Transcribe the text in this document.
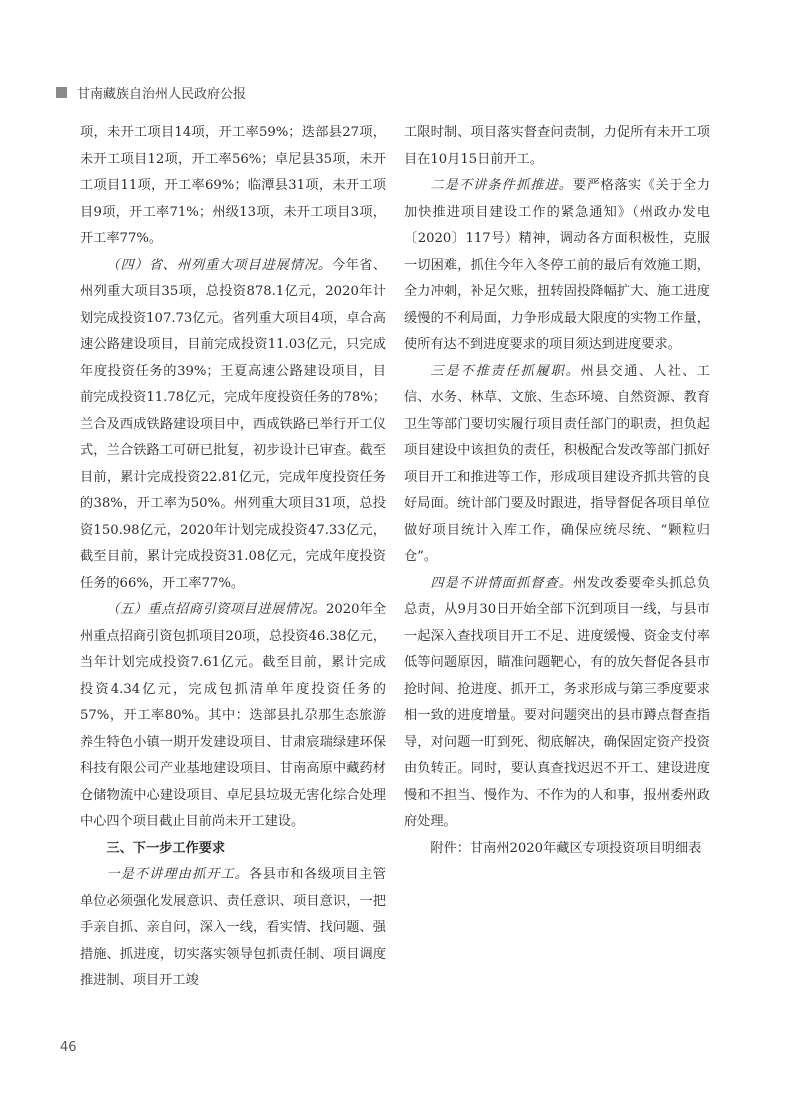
甘南藏族自治州人民政府公报

项，未开工项目14项，开工率59%；迭部县27项，未开工项目12项，开工率56%；卓尼县35项，未开工项目11项，开工率69%；临潭县31项，未开工项目9项，开工率71%；州级13项，未开工项目3项，开工率77%。

（四）省、州列重大项目进展情况。今年省、州列重大项目35项，总投资878.1亿元，2020年计划完成投资107.73亿元。省列重大项目4项，卓合高速公路建设项目，目前完成投资11.03亿元，只完成年度投资任务的39%；王夏高速公路建设项目，目前完成投资11.78亿元，完成年度投资任务的78%；兰合及西成铁路建设项目中，西成铁路已举行开工仪式，兰合铁路工可研已批复，初步设计已审查。截至目前，累计完成投资22.81亿元，完成年度投资任务的38%，开工率为50%。州列重大项目31项，总投资150.98亿元，2020年计划完成投资47.33亿元，截至目前，累计完成投资31.08亿元，完成年度投资任务的66%，开工率77%。

（五）重点招商引资项目进展情况。2020年全州重点招商引资包抓项目20项，总投资46.38亿元，当年计划完成投资7.61亿元。截至目前，累计完成投资4.34亿元，完成包抓清单年度投资任务的57%，开工率80%。其中：迭部县扎尕那生态旅游养生特色小镇一期开发建设项目、甘肃宸瑞绿建环保科技有限公司产业基地建设项目、甘南高原中藏药材仓储物流中心建设项目、卓尼县垃圾无害化综合处理中心四个项目截止目前尚未开工建设。

三、下一步工作要求

一是不讲理由抓开工。各县市和各级项目主管单位必须强化发展意识、责任意识、项目意识，一把手亲自抓、亲自问，深入一线，看实情、找问题、强措施、抓进度，切实落实领导包抓责任制、项目调度推进制、项目开工竣

工限时制、项目落实督查问责制，力促所有未开工项目在10月15日前开工。

二是不讲条件抓推进。要严格落实《关于全力加快推进项目建设工作的紧急通知》（州政办发电〔2020〕117号）精神，调动各方面积极性，克服一切困难，抓住今年入冬停工前的最后有效施工期，全力冲刺，补足欠账，扭转固投降幅扩大、施工进度缓慢的不利局面，力争形成最大限度的实物工作量，使所有达不到进度要求的项目须达到进度要求。

三是不推责任抓履职。州县交通、人社、工信、水务、林草、文旅、生态环境、自然资源、教育卫生等部门要切实履行项目责任部门的职责，担负起项目建设中该担负的责任，积极配合发改等部门抓好项目开工和推进等工作，形成项目建设齐抓共管的良好局面。统计部门要及时跟进，指导督促各项目单位做好项目统计入库工作，确保应统尽统、“颗粒归仓”。

四是不讲情面抓督查。州发改委要牵头抓总负总责，从9月30日开始全部下沉到项目一线，与县市一起深入查找项目开工不足、进度缓慢、资金支付率低等问题原因，瞄准问题靶心，有的放矢督促各县市抢时间、抢进度、抓开工，务求形成与第三季度要求相一致的进度增量。要对问题突出的县市蹲点督查指导，对问题一盯到死、彻底解决，确保固定资产投资由负转正。同时，要认真查找迟迟不开工、建设进度慢和不担当、慢作为、不作为的人和事，报州委州政府处理。

附件：甘南州2020年藏区专项投资项目明细表

46
